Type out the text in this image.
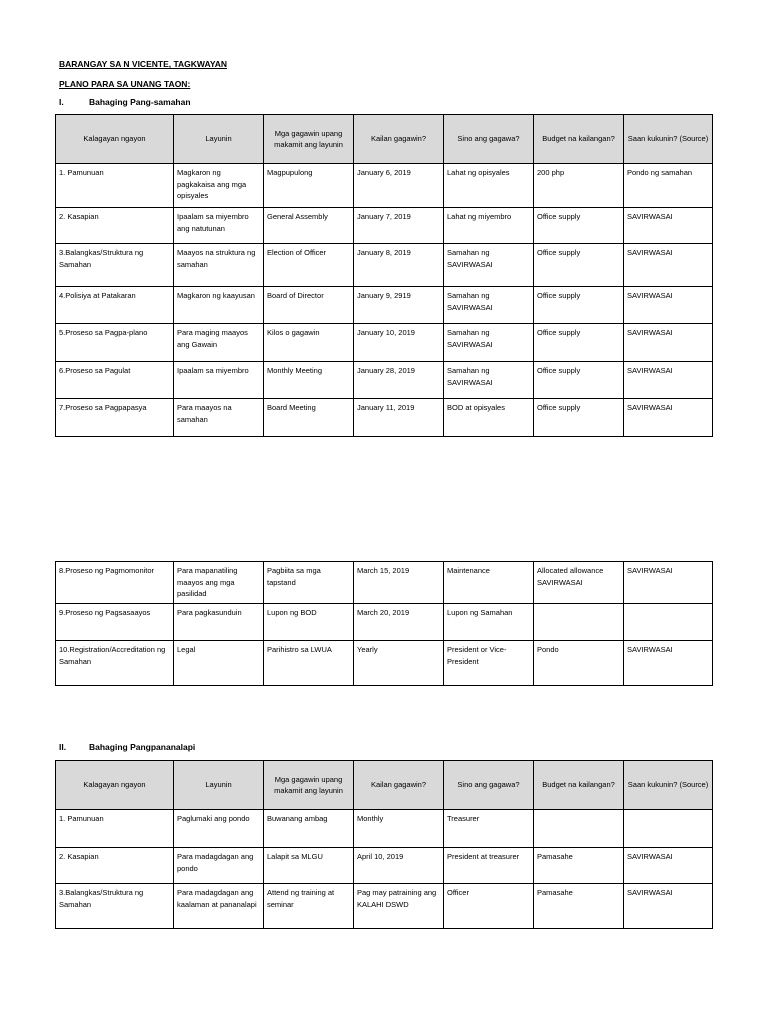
BARANGAY SA N VICENTE, TAGKWAYAN
PLANO PARA SA UNANG TAON:
I.	Bahaging Pang-samahan
Kalagayan ngayon	Layunin	Mga gagawin upang makamit ang layunin	Kailan gagawin?	Sino ang gagawa?	Budget na kailangan?	Saan kukunin? (Source)
1. Pamunuan	Magkaron ng pagkakaisa ang mga opisyales	Magpupulong	January 6, 2019	Lahat ng opisyales	200 php	Pondo ng samahan
2. Kasapian	Ipaalam sa miyembro ang natutunan	General Assembly	January 7, 2019	Lahat ng miyembro	Office supply	SAVIRWASAI
3.Balangkas/Struktura ng Samahan	Maayos na struktura ng samahan	Election of Officer	January 8, 2019	Samahan ng SAVIRWASAI	Office supply	SAVIRWASAI
4.Polisiya at Patakaran	Magkaron ng kaayusan	Board of Director	January 9, 2919	Samahan ng SAVIRWASAI	Office supply	SAVIRWASAI
5.Proseso sa Pagpa-plano	Para maging maayos ang Gawain	Kilos o gagawin	January 10, 2019	Samahan ng SAVIRWASAI	Office supply	SAVIRWASAI
6.Proseso sa Pagulat	Ipaalam sa miyembro	Monthly Meeting	January 28, 2019	Samahan ng SAVIRWASAI	Office supply	SAVIRWASAI
7.Proseso sa Pagpapasya	Para maayos na samahan	Board Meeting	January 11, 2019	BOD at opisyales	Office supply	SAVIRWASAI
8.Proseso ng Pagmomonitor	Para mapanatiling maayos ang mga pasilidad	Pagbiita sa mga tapstand	March 15, 2019	Maintenance	Allocated allowance SAVIRWASAI	SAVIRWASAI
9.Proseso ng Pagsasaayos	Para pagkasunduin	Lupon ng BOD	March 20, 2019	Lupon ng Samahan		
10.Registration/Accreditation ng Samahan	Legal	Parihistro sa LWUA	Yearly	President or Vice-President	Pondo	SAVIRWASAI
II.	Bahaging Pangpananalapi
Kalagayan ngayon	Layunin	Mga gagawin upang makamit ang layunin	Kailan gagawin?	Sino ang gagawa?	Budget na kailangan?	Saan kukunin? (Source)
1. Pamunuan	Paglumaki ang pondo	Buwanang ambag	Monthly	Treasurer		
2. Kasapian	Para madagdagan ang pondo	Lalapit sa MLGU	April 10, 2019	President at treasurer	Pamasahe	SAVIRWASAI
3.Balangkas/Struktura ng Samahan	Para madagdagan ang kaalaman at pananalapi	Attend ng training at seminar	Pag may patraining ang KALAHI DSWD	Officer	Pamasahe	SAVIRWASAI
